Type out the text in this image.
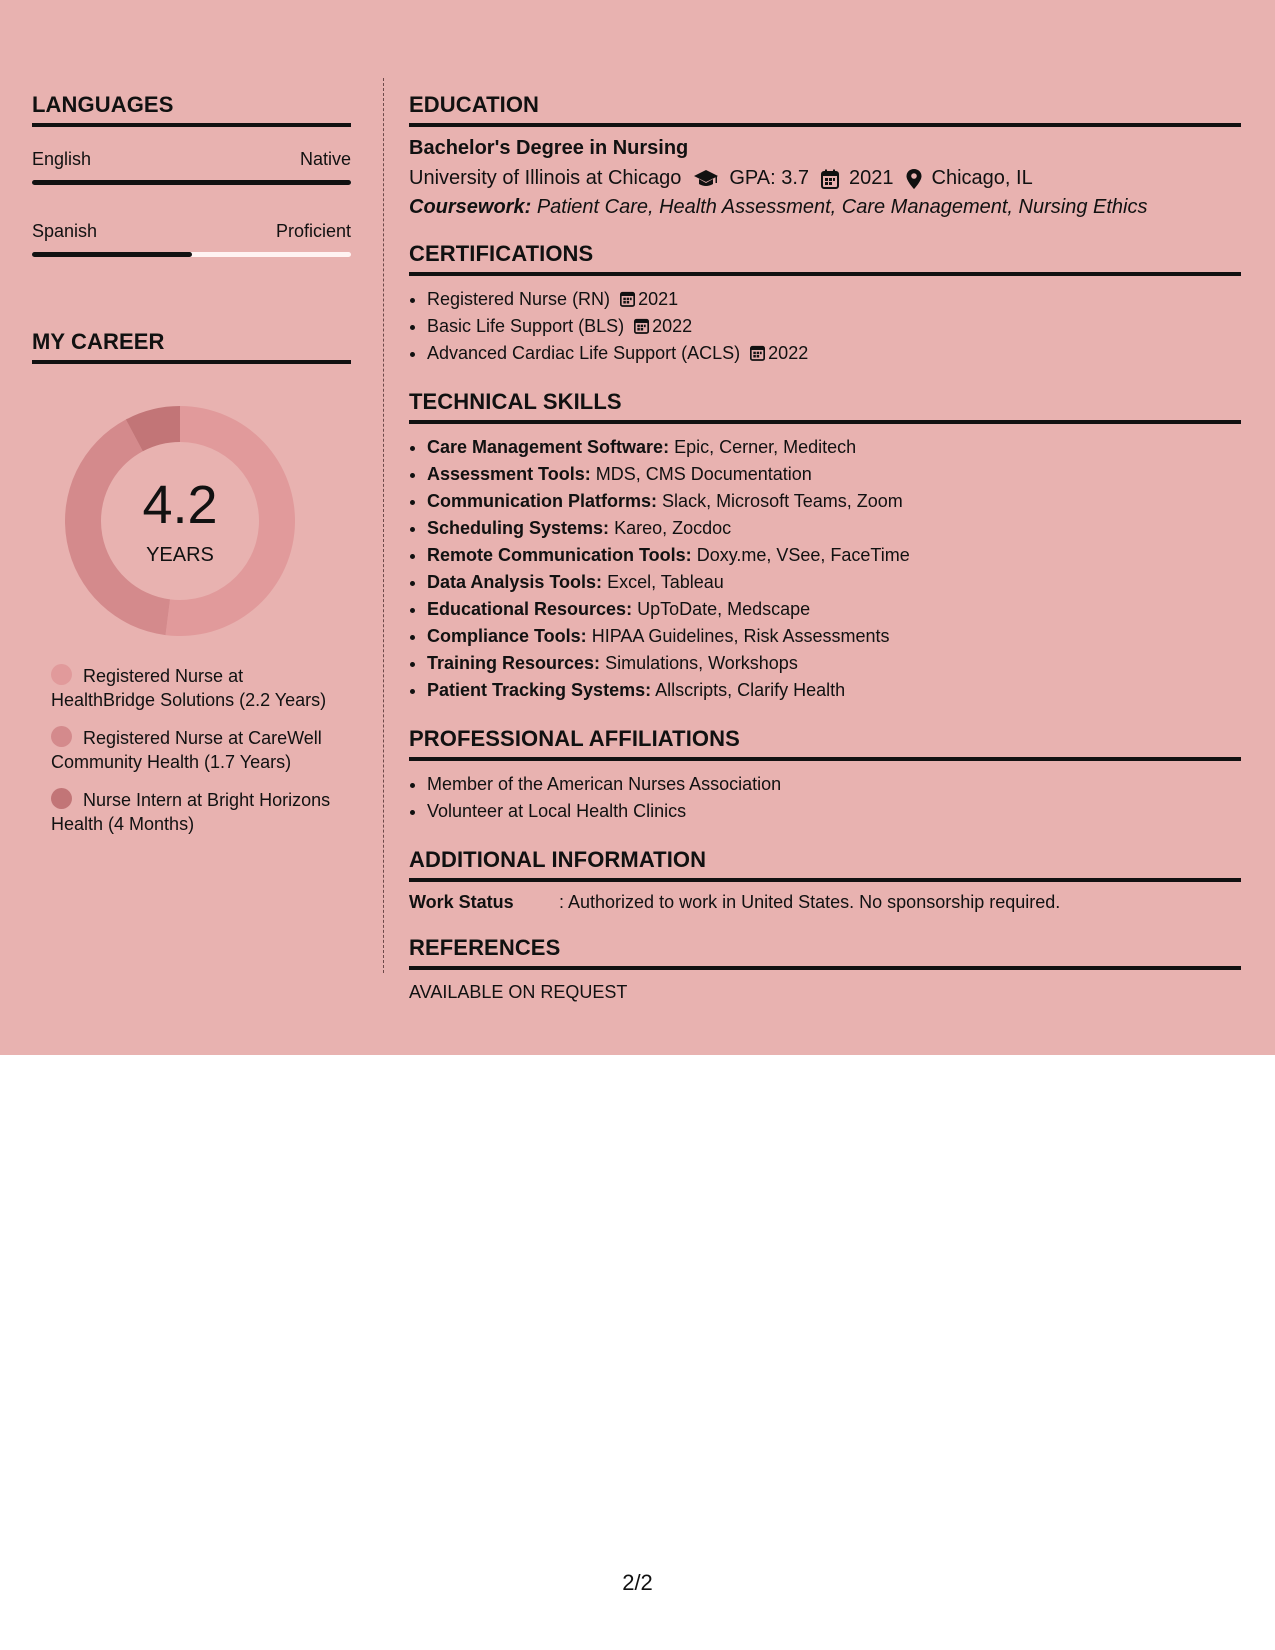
LANGUAGES
English	Native
Spanish	Proficient
MY CAREER
4.2
YEARS
Registered Nurse at HealthBridge Solutions (2.2 Years)
Registered Nurse at CareWell Community Health (1.7 Years)
Nurse Intern at Bright Horizons Health (4 Months)
EDUCATION
Bachelor's Degree in Nursing
University of Illinois at Chicago GPA: 3.7 2021 Chicago, IL
Coursework: Patient Care, Health Assessment, Care Management, Nursing Ethics
CERTIFICATIONS
• Registered Nurse (RN) 2021
• Basic Life Support (BLS) 2022
• Advanced Cardiac Life Support (ACLS) 2022
TECHNICAL SKILLS
• Care Management Software: Epic, Cerner, Meditech
• Assessment Tools: MDS, CMS Documentation
• Communication Platforms: Slack, Microsoft Teams, Zoom
• Scheduling Systems: Kareo, Zocdoc
• Remote Communication Tools: Doxy.me, VSee, FaceTime
• Data Analysis Tools: Excel, Tableau
• Educational Resources: UpToDate, Medscape
• Compliance Tools: HIPAA Guidelines, Risk Assessments
• Training Resources: Simulations, Workshops
• Patient Tracking Systems: Allscripts, Clarify Health
PROFESSIONAL AFFILIATIONS
• Member of the American Nurses Association
• Volunteer at Local Health Clinics
ADDITIONAL INFORMATION
Work Status	: Authorized to work in United States. No sponsorship required.
REFERENCES
AVAILABLE ON REQUEST
2/2
